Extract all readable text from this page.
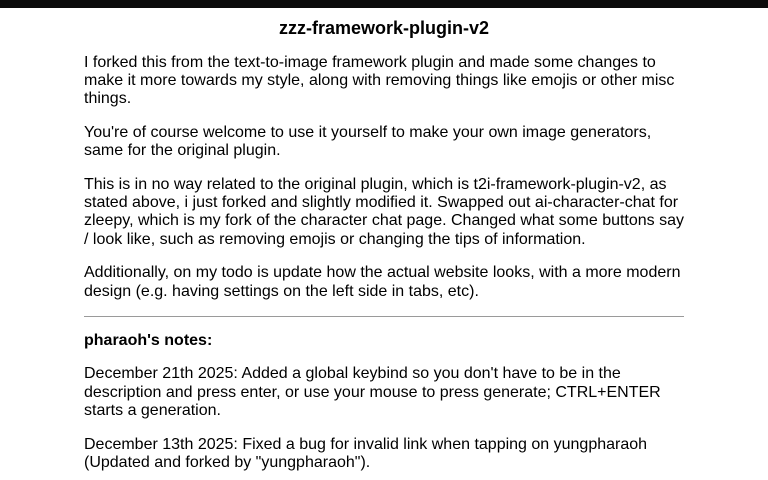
zzz-framework-plugin-v2

I forked this from the text-to-image framework plugin and made some changes to make it more towards my style, along with removing things like emojis or other misc things.

You're of course welcome to use it yourself to make your own image generators, same for the original plugin.

This is in no way related to the original plugin, which is t2i-framework-plugin-v2, as stated above, i just forked and slightly modified it. Swapped out ai-character-chat for zleepy, which is my fork of the character chat page. Changed what some buttons say / look like, such as removing emojis or changing the tips of information.

Additionally, on my todo is update how the actual website looks, with a more modern design (e.g. having settings on the left side in tabs, etc).

pharaoh's notes:

December 21th 2025: Added a global keybind so you don't have to be in the description and press enter, or use your mouse to press generate; CTRL+ENTER starts a generation.

December 13th 2025: Fixed a bug for invalid link when tapping on yungpharaoh (Updated and forked by "yungpharaoh").
